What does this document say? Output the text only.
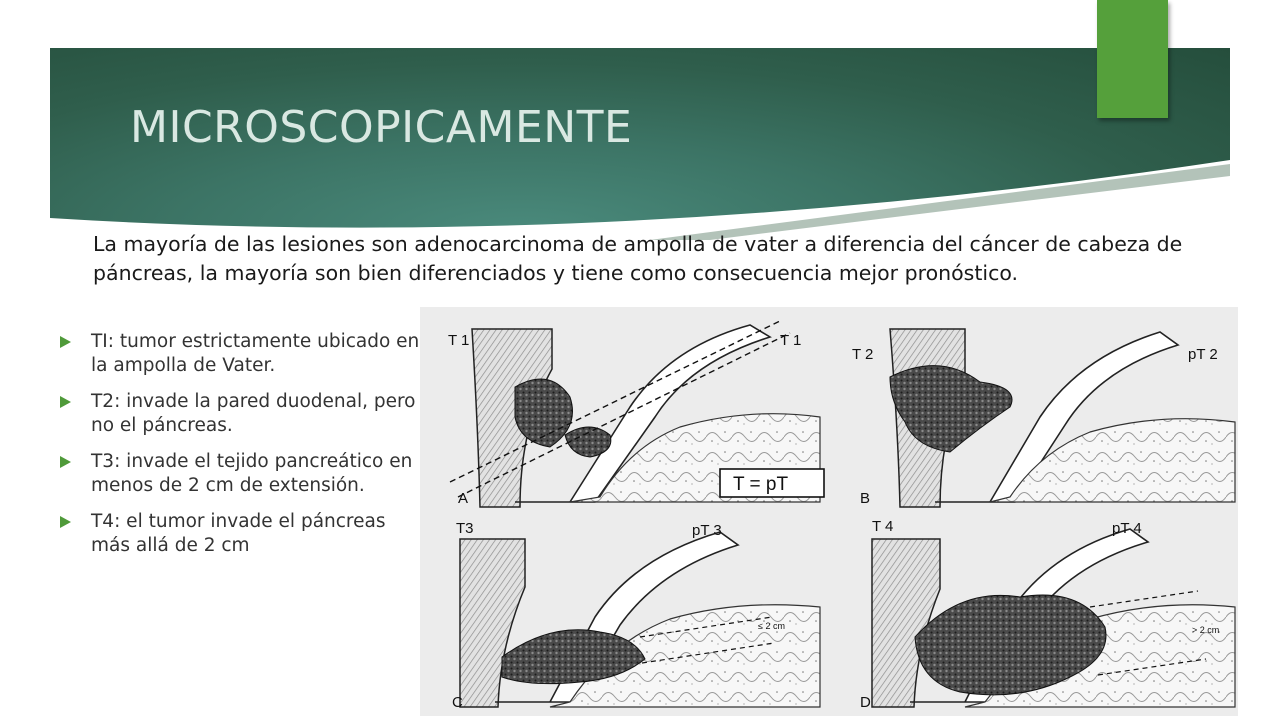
MICROSCOPICAMENTE

La mayoría de las lesiones son adenocarcinoma de ampolla de vater a diferencia del cáncer de cabeza de páncreas, la mayoría son bien diferenciados y tiene como consecuencia mejor pronóstico.

TI: tumor estrictamente ubicado en la ampolla de Vater.
T2: invade la pared duodenal, pero no el páncreas.
T3: invade el tejido pancreático en menos de 2 cm de extensión.
T4: el tumor invade el páncreas más allá de 2 cm
T 1	T 1
A
T = pT
T 2	pT 2
B
≤ 2 cm
T3	pT 3
C
> 2 cm
T 4	pT 4
D
